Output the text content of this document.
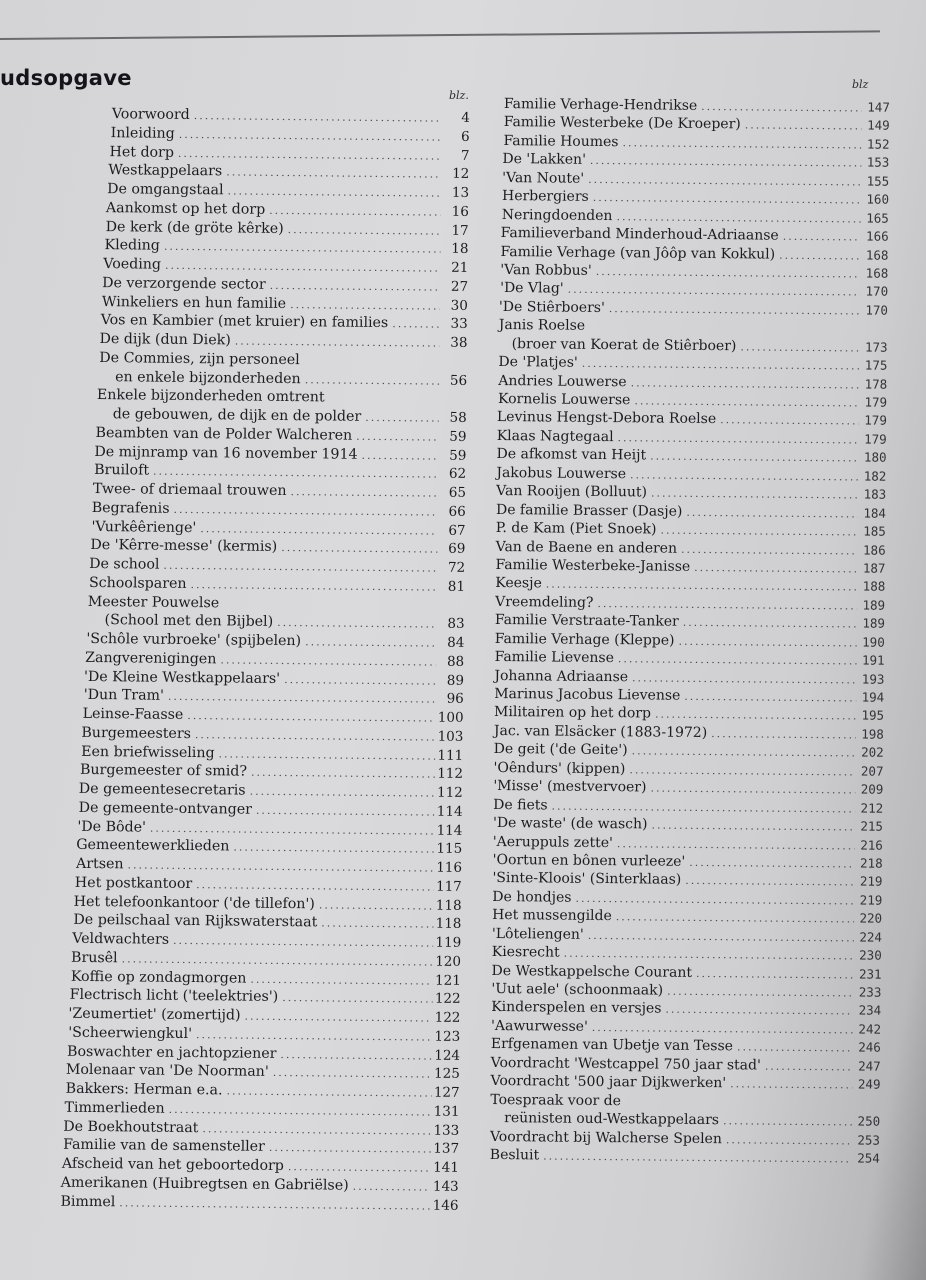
udsopgave
blz.
blz
Voorwoord .....	4
Inleiding .....	6
Het dorp .....	7
Westkappelaars .....	12
De omgangstaal .....	13
Aankomst op het dorp .....	16
De kerk (de gröte kêrke) .....	17
Kleding .....	18
Voeding .....	21
De verzorgende sector .....	27
Winkeliers en hun familie .....	30
Vos en Kambier (met kruier) en families .....	33
De dijk (dun Diek) .....	38
De Commies, zijn personeel
en enkele bijzonderheden .....	56
Enkele bijzonderheden omtrent
de gebouwen, de dijk en de polder .....	58
Beambten van de Polder Walcheren .....	59
De mijnramp van 16 november 1914 .....	59
Bruiloft .....	62
Twee- of driemaal trouwen .....	65
Begrafenis .....	66
'Vurkêêrienge' .....	67
De 'Kêrre-messe' (kermis) .....	69
De school .....	72
Schoolsparen .....	81
Meester Pouwelse
(School met den Bijbel) .....	83
'Schôle vurbroeke' (spijbelen) .....	84
Zangverenigingen .....	88
'De Kleine Westkappelaars' .....	89
'Dun Tram' .....	96
Leinse-Faasse .....	100
Burgemeesters .....	103
Een briefwisseling .....	111
Burgemeester of smid? .....	112
De gemeentesecretaris .....	112
De gemeente-ontvanger .....	114
'De Bôde' .....	114
Gemeentewerklieden .....	115
Artsen .....	116
Het postkantoor .....	117
Het telefoonkantoor ('de tillefon') .....	118
De peilschaal van Rijkswaterstaat .....	118
Veldwachters .....	119
Brusêl .....	120
Koffie op zondagmorgen .....	121
Flectrisch licht ('teelektries') .....	122
'Zeumertiet' (zomertijd) .....	122
'Scheerwiengkul' .....	123
Boswachter en jachtopziener .....	124
Molenaar van 'De Noorman' .....	125
Bakkers: Herman e.a. .....	127
Timmerlieden .....	131
De Boekhoutstraat .....	133
Familie van de samensteller .....	137
Afscheid van het geboortedorp .....	141
Amerikanen (Huibregtsen en Gabriëlse) .....	143
Bimmel .....	146
Familie Verhage-Hendrikse .....	147
Familie Westerbeke (De Kroeper) .....	149
Familie Houmes .....	152
De 'Lakken' .....	153
'Van Noute' .....	155
Herbergiers .....	160
Neringdoenden .....	165
Familieverband Minderhoud-Adriaanse .....	166
Familie Verhage (van Jôôp van Kokkul) .....	168
'Van Robbus' .....	168
'De Vlag' .....	170
'De Stiêrboers' .....	170
Janis Roelse
(broer van Koerat de Stiêrboer) .....	173
De 'Platjes' .....	175
Andries Louwerse .....	178
Kornelis Louwerse .....	179
Levinus Hengst-Debora Roelse .....	179
Klaas Nagtegaal .....	179
De afkomst van Heijt .....	180
Jakobus Louwerse .....	182
Van Rooijen (Bolluut) .....	183
De familie Brasser (Dasje) .....	184
P. de Kam (Piet Snoek) .....	185
Van de Baene en anderen .....	186
Familie Westerbeke-Janisse .....	187
Keesje .....	188
Vreemdeling? .....	189
Familie Verstraate-Tanker .....	189
Familie Verhage (Kleppe) .....	190
Familie Lievense .....	191
Johanna Adriaanse .....	193
Marinus Jacobus Lievense .....	194
Militairen op het dorp .....	195
Jac. van Elsäcker (1883-1972) .....	198
De geit ('de Geite') .....	202
'Oêndurs' (kippen) .....	207
'Misse' (mestvervoer) .....	209
De fiets .....	212
'De waste' (de wasch) .....	215
'Aeruppuls zette' .....	216
'Oortun en bônen vurleeze' .....	218
'Sinte-Kloois' (Sinterklaas) .....	219
De hondjes .....	219
Het mussengilde .....	220
'Lôteliengen' .....	224
Kiesrecht .....	230
De Westkappelsche Courant .....	231
'Uut aele' (schoonmaak) .....	233
Kinderspelen en versjes .....	234
'Aawurwesse' .....	242
Erfgenamen van Ubetje van Tesse .....	246
Voordracht 'Westcappel 750 jaar stad' .....	247
Voordracht '500 jaar Dijkwerken' .....	249
Toespraak voor de
reünisten oud-Westkappelaars .....	250
Voordracht bij Walcherse Spelen .....	253
Besluit .....	254
